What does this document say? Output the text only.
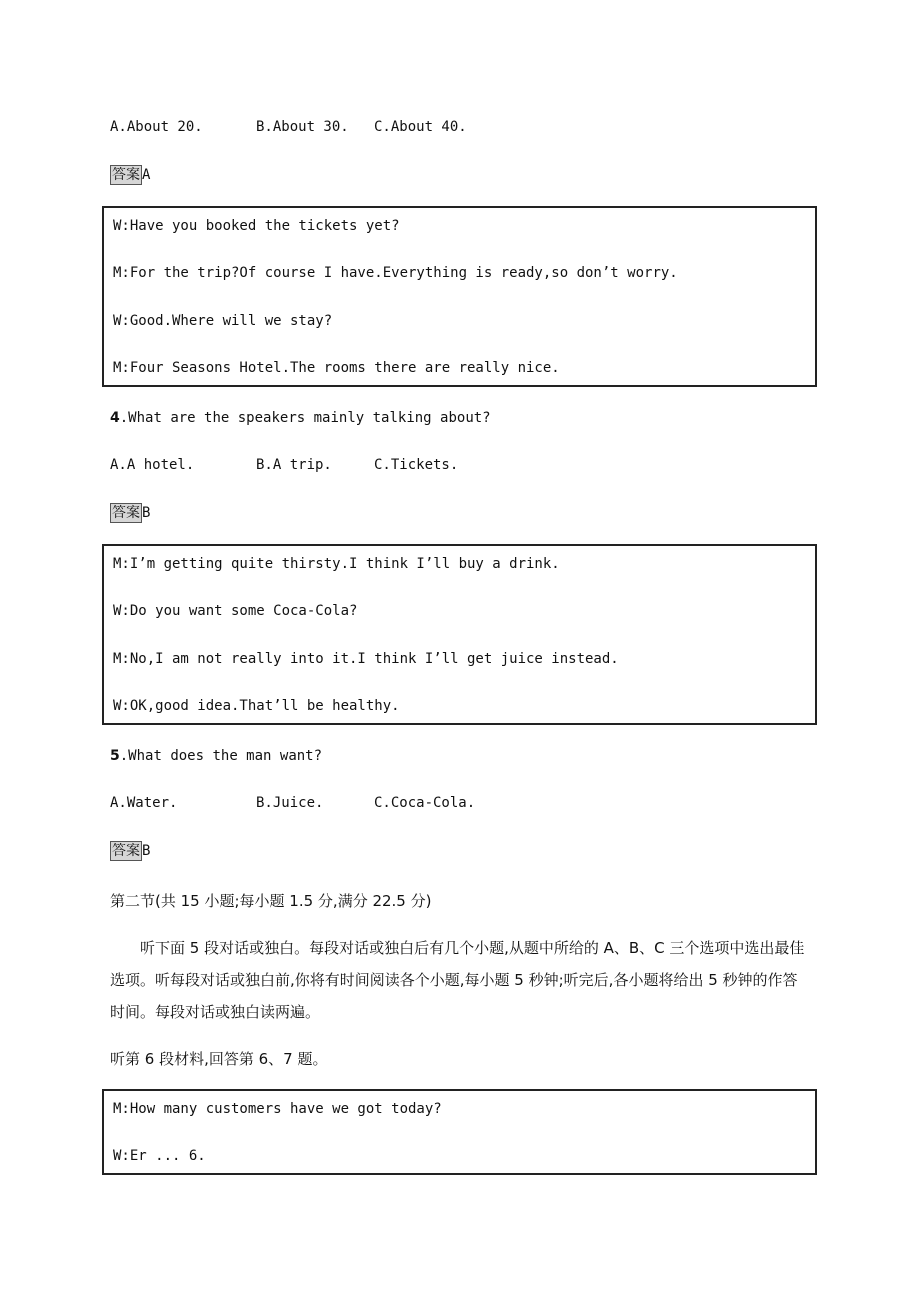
A.About 20.	B.About 30. C.About 40.
答案 A
W:Have you booked the tickets yet?
M:For the trip?Of course I have.Everything is ready,so don’t worry.
W:Good.Where will we stay?
M:Four Seasons Hotel.The rooms there are really nice.
4.What are the speakers mainly talking about?
A.A hotel.	B.A trip.	C.Tickets.
答案 B
M:I’m getting quite thirsty.I think I’ll buy a drink.
W:Do you want some Coca-Cola?
M:No,I am not really into it.I think I’ll get juice instead.
W:OK,good idea.That’ll be healthy.
5.What does the man want?
A.Water.	B.Juice.	C.Coca-Cola.
答案 B
第二节(共 15 小题;每小题 1.5 分,满分 22.5 分)
听下面 5 段对话或独白。每段对话或独白后有几个小题,从题中所给的 A、B、C 三个选项中选出最佳选项。听每段对话或独白前,你将有时间阅读各个小题,每小题 5 秒钟;听完后,各小题将给出 5 秒钟的作答时间。每段对话或独白读两遍。
听第 6 段材料,回答第 6、7 题。
M:How many customers have we got today?
W:Er ... 6.
